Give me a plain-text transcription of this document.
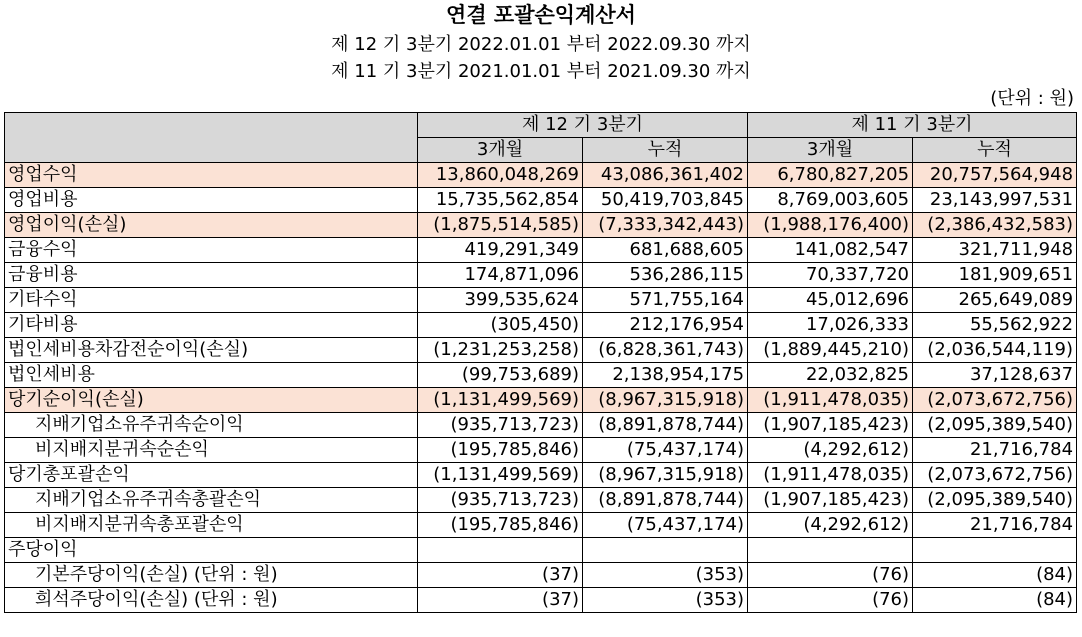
연결 포괄손익계산서
제 12 기 3분기 2022.01.01 부터 2022.09.30 까지
제 11 기 3분기 2021.01.01 부터 2021.09.30 까지
(단위 : 원)
	제 12 기 3분기		제 11 기 3분기	
	3개월	누적	3개월	누적
영업수익	13,860,048,269	43,086,361,402	6,780,827,205	20,757,564,948
영업비용	15,735,562,854	50,419,703,845	8,769,003,605	23,143,997,531
영업이익(손실)	(1,875,514,585)	(7,333,342,443)	(1,988,176,400)	(2,386,432,583)
금융수익	419,291,349	681,688,605	141,082,547	321,711,948
금융비용	174,871,096	536,286,115	70,337,720	181,909,651
기타수익	399,535,624	571,755,164	45,012,696	265,649,089
기타비용	(305,450)	212,176,954	17,026,333	55,562,922
법인세비용차감전순이익(손실)	(1,231,253,258)	(6,828,361,743)	(1,889,445,210)	(2,036,544,119)
법인세비용	(99,753,689)	2,138,954,175	22,032,825	37,128,637
당기순이익(손실)	(1,131,499,569)	(8,967,315,918)	(1,911,478,035)	(2,073,672,756)
지배기업소유주귀속순이익	(935,713,723)	(8,891,878,744)	(1,907,185,423)	(2,095,389,540)
비지배지분귀속순손익	(195,785,846)	(75,437,174)	(4,292,612)	21,716,784
당기총포괄손익	(1,131,499,569)	(8,967,315,918)	(1,911,478,035)	(2,073,672,756)
지배기업소유주귀속총괄손익	(935,713,723)	(8,891,878,744)	(1,907,185,423)	(2,095,389,540)
비지배지분귀속총포괄손익	(195,785,846)	(75,437,174)	(4,292,612)	21,716,784
주당이익				
기본주당이익(손실) (단위 : 원)	(37)	(353)	(76)	(84)
희석주당이익(손실) (단위 : 원)	(37)	(353)	(76)	(84)
